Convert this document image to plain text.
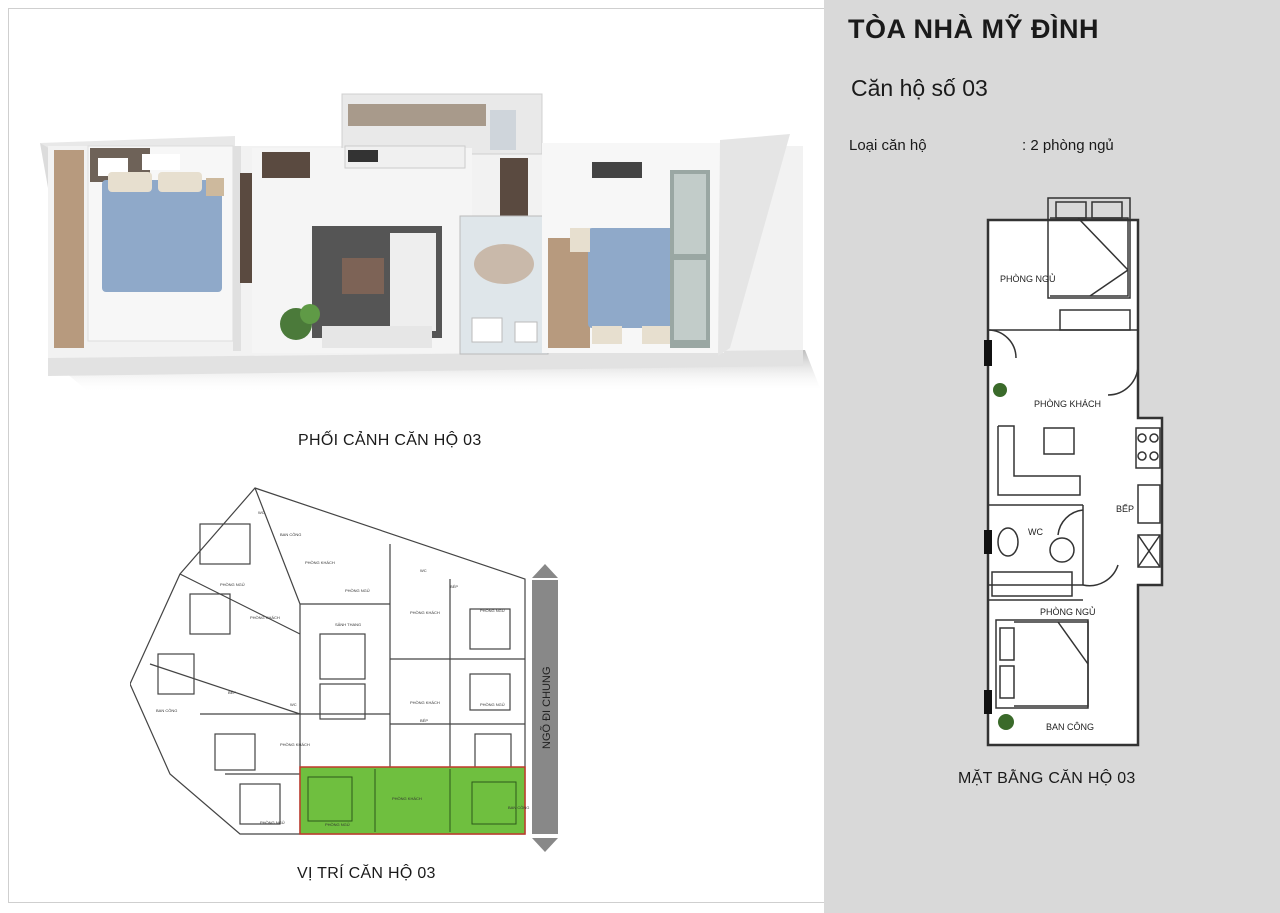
TÒA NHÀ MỸ ĐÌNH
Căn hộ số 03
Loại căn hộ	: 2 phòng ngủ
PHỐI CẢNH CĂN HỘ 03
NGÕ ĐI CHUNG
PHÒNG KHÁCH
PHÒNG KHÁCH
PHÒNG KHÁCH
PHÒNG KHÁCH
PHÒNG KHÁCH
PHÒNG KHÁCH
PHÒNG NGỦ
PHÒNG NGỦ
PHÒNG NGỦ
PHÒNG NGỦ
PHÒNG NGỦ
PHÒNG NGỦ
BAN CÔNG
BAN CÔNG
BAN CÔNG
WC
WC
WC
BẾP
BẾP
BẾP
SẢNH THANG
VỊ TRÍ CĂN HỘ 03
PHÒNG NGỦ
PHÒNG KHÁCH
BẾP
WC
PHÒNG NGỦ
BAN CÔNG
MẶT BẰNG CĂN HỘ 03
